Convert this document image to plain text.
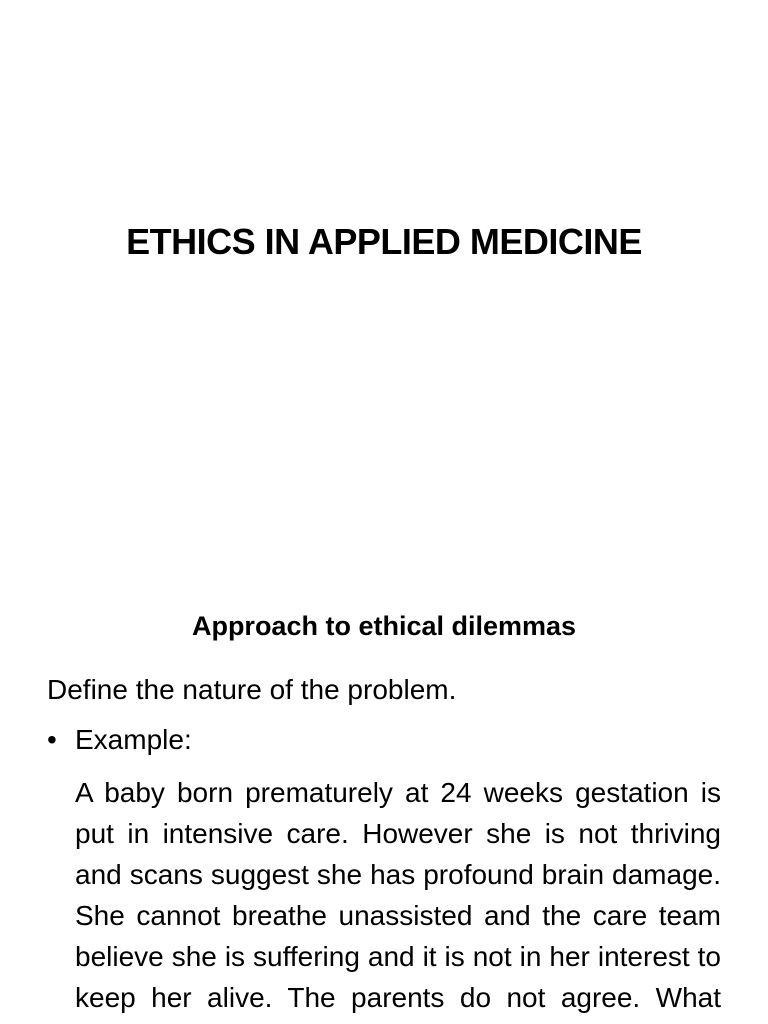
ETHICS IN APPLIED MEDICINE
Approach to ethical dilemmas
Define the nature of the problem.
• Example:
A baby born prematurely at 24 weeks gestation is put in intensive care. However she is not thriving and scans suggest she has profound brain damage. She cannot breathe unassisted and the care team believe she is suffering and it is not in her interest to keep her alive. The parents do not agree. What
